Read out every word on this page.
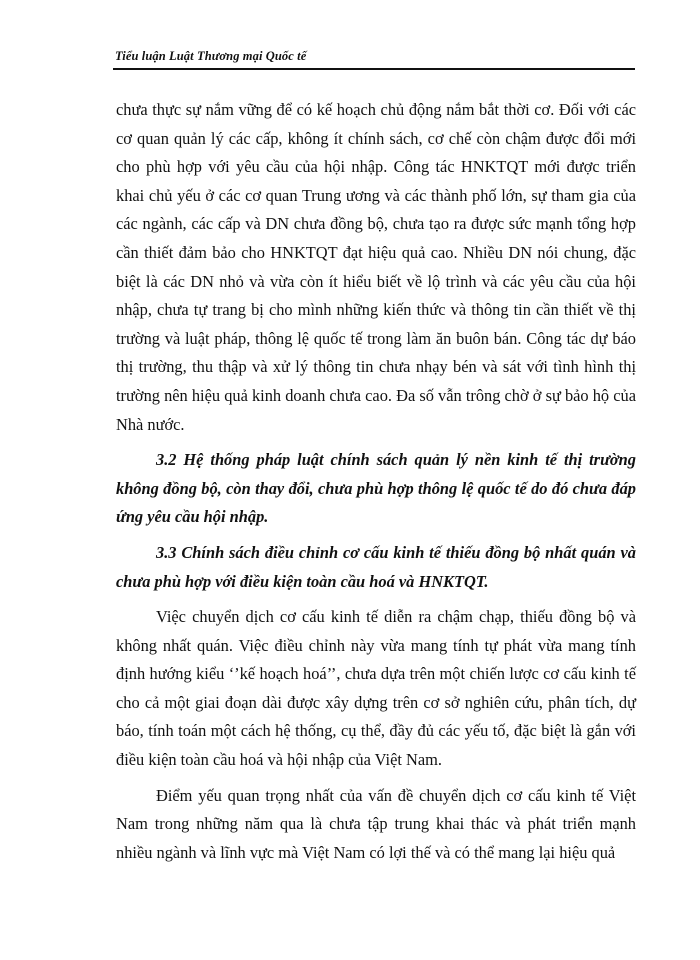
Tiểu luận Luật Thương mại Quốc tế

chưa thực sự nắm vững để có kế hoạch chủ động nắm bắt thời cơ. Đối với các cơ quan quản lý các cấp, không ít chính sách, cơ chế còn chậm được đổi mới cho phù hợp với yêu cầu của hội nhập. Công tác HNKTQT mới được triển khai chủ yếu ở các cơ quan Trung ương và các thành phố lớn, sự tham gia của các ngành, các cấp và DN chưa đồng bộ, chưa tạo ra được sức mạnh tổng hợp cần thiết đảm bảo cho HNKTQT đạt hiệu quả cao. Nhiều DN nói chung, đặc biệt là các DN nhỏ và vừa còn ít hiểu biết về lộ trình và các yêu cầu của hội nhập, chưa tự trang bị cho mình những kiến thức và thông tin cần thiết về thị trường và luật pháp, thông lệ quốc tế trong làm ăn buôn bán. Công tác dự báo thị trường, thu thập và xử lý thông tin chưa nhạy bén và sát với tình hình thị trường nên hiệu quả kinh doanh chưa cao. Đa số vẫn trông chờ ở sự bảo hộ của Nhà nước.

3.2 Hệ thống pháp luật chính sách quản lý nền kinh tế thị trường không đồng bộ, còn thay đổi, chưa phù hợp thông lệ quốc tế do đó chưa đáp ứng yêu cầu hội nhập.

3.3 Chính sách điều chỉnh cơ cấu kinh tế thiếu đồng bộ nhất quán và chưa phù hợp với điều kiện toàn cầu hoá và HNKTQT.

Việc chuyển dịch cơ cấu kinh tế diễn ra chậm chạp, thiếu đồng bộ và không nhất quán. Việc điều chỉnh này vừa mang tính tự phát vừa mang tính định hướng kiểu ‘’kế hoạch hoá’’, chưa dựa trên một chiến lược cơ cấu kinh tế cho cả một giai đoạn dài được xây dựng trên cơ sở nghiên cứu, phân tích, dự báo, tính toán một cách hệ thống, cụ thể, đầy đủ các yếu tố, đặc biệt là gắn với điều kiện toàn cầu hoá và hội nhập của Việt Nam.

Điểm yếu quan trọng nhất của vấn đề chuyển dịch cơ cấu kinh tế Việt Nam trong những năm qua là chưa tập trung khai thác và phát triển mạnh nhiều ngành và lĩnh vực mà Việt Nam có lợi thế và có thể mang lại hiệu quả
